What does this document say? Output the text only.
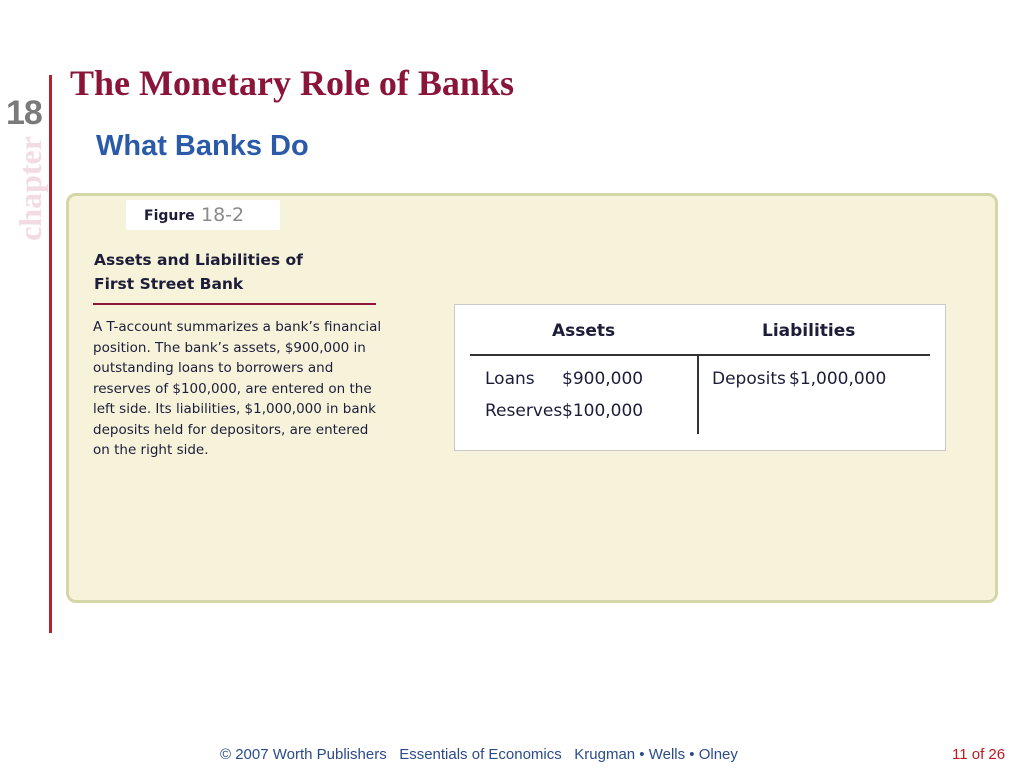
chapter
18
The Monetary Role of Banks
What Banks Do
Figure 18-2
Assets and Liabilities of
First Street Bank
A T-account summarizes a bank’s financial position. The bank’s assets, $900,000 in outstanding loans to borrowers and reserves of $100,000, are entered on the left side. Its liabilities, $1,000,000 in bank deposits held for depositors, are entered on the right side.
Assets	Liabilities
Loans $900,000
Reserves $100,000
Deposits $1,000,000
© 2007 Worth Publishers   Essentials of Economics   Krugman • Wells • Olney	11 of 26
